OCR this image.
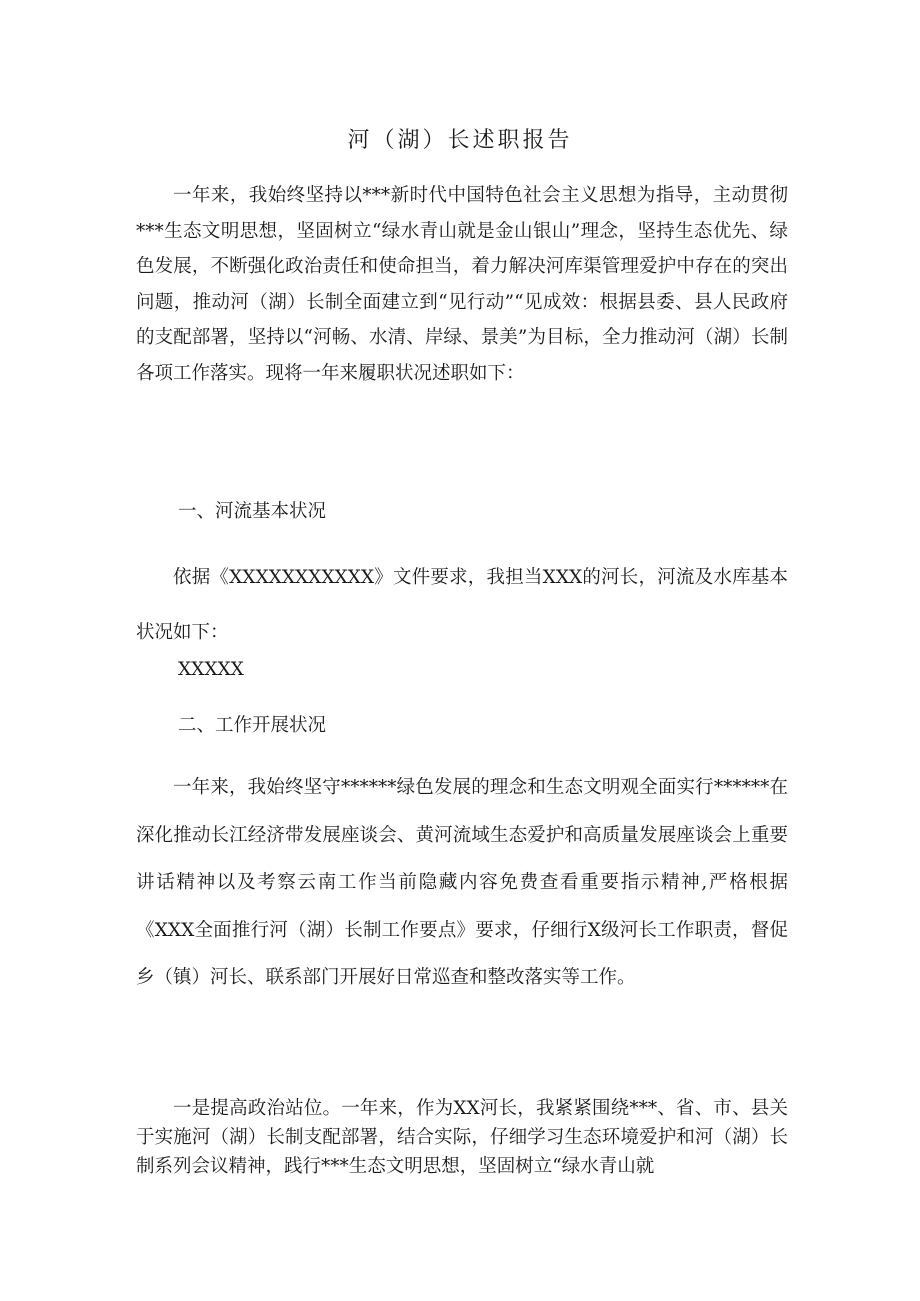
河（湖）长述职报告

一年来，我始终坚持以***新时代中国特色社会主义思想为指导，主动贯彻***生态文明思想，坚固树立“绿水青山就是金山银山”理念，坚持生态优先、绿色发展，不断强化政治责任和使命担当，着力解决河库渠管理爱护中存在的突出问题，推动河（湖）长制全面建立到“见行动”“见成效：根据县委、县人民政府的支配部署，坚持以“河畅、水清、岸绿、景美”为目标，全力推动河（湖）长制各项工作落实。现将一年来履职状况述职如下：

一、河流基本状况

依据《XXXXXXXXXXX》文件要求，我担当XXX的河长，河流及水库基本状况如下：

XXXXX

二、工作开展状况

一年来，我始终坚守******绿色发展的理念和生态文明观全面实行******在深化推动长江经济带发展座谈会、黄河流域生态爱护和高质量发展座谈会上重要讲话精神以及考察云南工作当前隐藏内容免费查看重要指示精神,严格根据《XXX全面推行河（湖）长制工作要点》要求，仔细行X级河长工作职责，督促乡（镇）河长、联系部门开展好日常巡查和整改落实等工作。

一是提高政治站位。一年来，作为XX河长，我紧紧围绕***、省、市、县关于实施河（湖）长制支配部署，结合实际，仔细学习生态环境爱护和河（湖）长制系列会议精神，践行***生态文明思想，坚固树立“绿水青山就
